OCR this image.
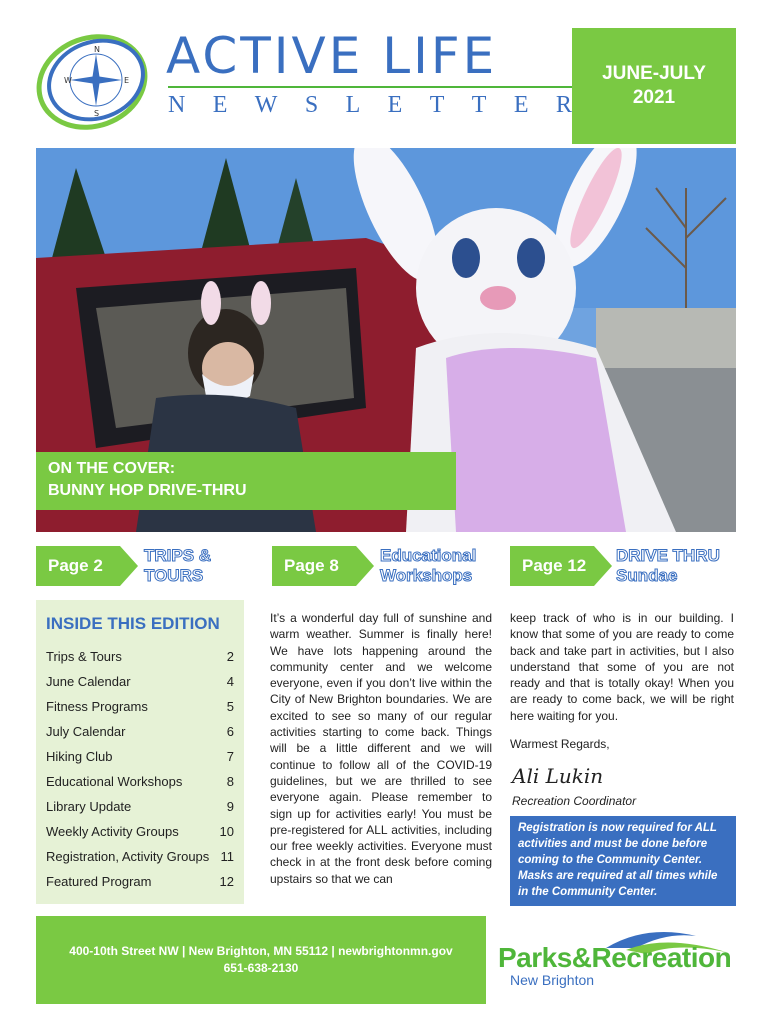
N
E
S
W ACTIVE LIFE
N E W S L E T T E R
JUNE-JULY
2021
ON THE COVER:
BUNNY HOP DRIVE-THRU
Page 2
TRIPS &
TOURS
Page 8
Educational
Workshops
Page 12
DRIVE THRU
Sundae
INSIDE THIS EDITION
Trips & Tours	2
June Calendar	4
Fitness Programs	5
July Calendar	6
Hiking Club	7
Educational Workshops	8
Library Update	9
Weekly Activity Groups	10
Registration, Activity Groups 11
Featured Program	12
It’s a wonderful day full of sunshine and warm weather. Summer is finally here! We have lots happening around the community center and we welcome everyone, even if you don’t live within the City of New Brighton boundaries. We are excited to see so many of our regular activities starting to come back. Things will be a little different and we will continue to follow all of the COVID-19 guidelines, but we are thrilled to see everyone again. Please remember to sign up for activities early! You must be pre-registered for ALL activities, including our free weekly activities. Everyone must check in at the front desk before coming upstairs so that we can
keep track of who is in our building. I know that some of you are ready to come back and take part in activities, but I also understand that some of you are not ready and that is totally okay! When you are ready to come back, we will be right here waiting for you.
Warmest Regards,
Ali Lukin
Recreation Coordinator
Registration is now required for ALL activities and must be done before coming to the Community Center. Masks are required at all times while in the Community Center.
400-10th Street NW | New Brighton, MN 55112 | newbrightonmn.gov
651-638-2130	Parks&Recreation
New Brighton
